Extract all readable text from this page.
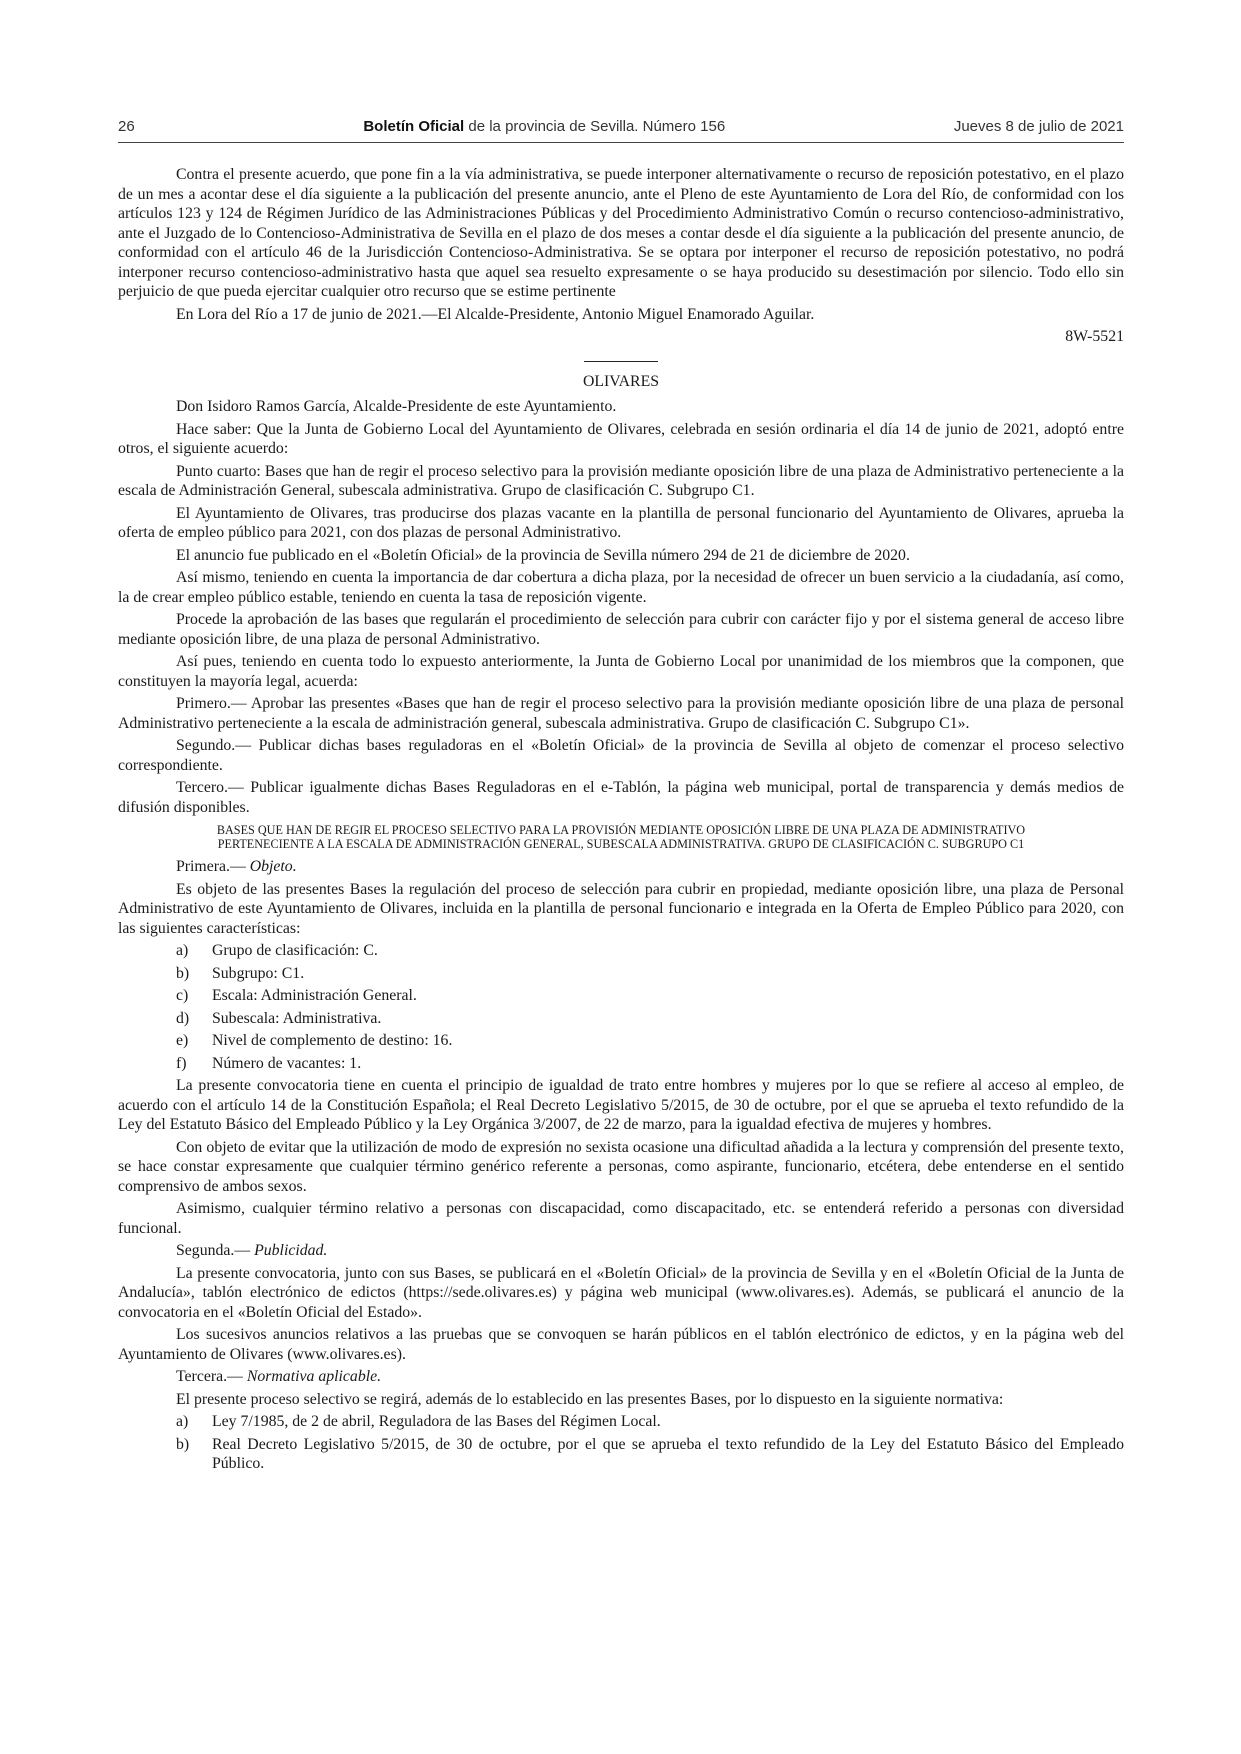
26	Boletín Oficial de la provincia de Sevilla. Número 156	Jueves 8 de julio de 2021

Contra el presente acuerdo, que pone fin a la vía administrativa, se puede interponer alternativamente o recurso de reposición potestativo, en el plazo de un mes a acontar dese el día siguiente a la publicación del presente anuncio, ante el Pleno de este Ayuntamiento de Lora del Río, de conformidad con los artículos 123 y 124 de Régimen Jurídico de las Administraciones Públicas y del Procedimiento Administrativo Común o recurso contencioso-administrativo, ante el Juzgado de lo Contencioso-Administrativa de Sevilla en el plazo de dos meses a contar desde el día siguiente a la publicación del presente anuncio, de conformidad con el artículo 46 de la Jurisdicción Contencioso-Administrativa. Se se optara por interponer el recurso de reposición potestativo, no podrá interponer recurso contencioso-administrativo hasta que aquel sea resuelto expresamente o se haya producido su desestimación por silencio. Todo ello sin perjuicio de que pueda ejercitar cualquier otro recurso que se estime pertinente

En Lora del Río a 17 de junio de 2021.—El Alcalde-Presidente, Antonio Miguel Enamorado Aguilar.

8W-5521

OLIVARES

Don Isidoro Ramos García, Alcalde-Presidente de este Ayuntamiento.

Hace saber: Que la Junta de Gobierno Local del Ayuntamiento de Olivares, celebrada en sesión ordinaria el día 14 de junio de 2021, adoptó entre otros, el siguiente acuerdo:

Punto cuarto: Bases que han de regir el proceso selectivo para la provisión mediante oposición libre de una plaza de Administrativo perteneciente a la escala de Administración General, subescala administrativa. Grupo de clasificación C. Subgrupo C1.

El Ayuntamiento de Olivares, tras producirse dos plazas vacante en la plantilla de personal funcionario del Ayuntamiento de Olivares, aprueba la oferta de empleo público para 2021, con dos plazas de personal Administrativo.

El anuncio fue publicado en el «Boletín Oficial» de la provincia de Sevilla número 294 de 21 de diciembre de 2020.

Así mismo, teniendo en cuenta la importancia de dar cobertura a dicha plaza, por la necesidad de ofrecer un buen servicio a la ciudadanía, así como, la de crear empleo público estable, teniendo en cuenta la tasa de reposición vigente.

Procede la aprobación de las bases que regularán el procedimiento de selección para cubrir con carácter fijo y por el sistema general de acceso libre mediante oposición libre, de una plaza de personal Administrativo.

Así pues, teniendo en cuenta todo lo expuesto anteriormente, la Junta de Gobierno Local por unanimidad de los miembros que la componen, que constituyen la mayoría legal, acuerda:

Primero.— Aprobar las presentes «Bases que han de regir el proceso selectivo para la provisión mediante oposición libre de una plaza de personal Administrativo perteneciente a la escala de administración general, subescala administrativa. Grupo de clasificación C. Subgrupo C1».

Segundo.— Publicar dichas bases reguladoras en el «Boletín Oficial» de la provincia de Sevilla al objeto de comenzar el proceso selectivo correspondiente.

Tercero.— Publicar igualmente dichas Bases Reguladoras en el e-Tablón, la página web municipal, portal de transparencia y demás medios de difusión disponibles.

BASES QUE HAN DE REGIR EL PROCESO SELECTIVO PARA LA PROVISIÓN MEDIANTE OPOSICIÓN LIBRE DE UNA PLAZA DE ADMINISTRATIVO
PERTENECIENTE A LA ESCALA DE ADMINISTRACIÓN GENERAL, SUBESCALA ADMINISTRATIVA. GRUPO DE CLASIFICACIÓN C. SUBGRUPO C1

Primera.— Objeto.

Es objeto de las presentes Bases la regulación del proceso de selección para cubrir en propiedad, mediante oposición libre, una plaza de Personal Administrativo de este Ayuntamiento de Olivares, incluida en la plantilla de personal funcionario e integrada en la Oferta de Empleo Público para 2020, con las siguientes características:

a)	Grupo de clasificación: C.
b)	Subgrupo: C1.
c)	Escala: Administración General.
d)	Subescala: Administrativa.
e)	Nivel de complemento de destino: 16.
f)	Número de vacantes: 1.

La presente convocatoria tiene en cuenta el principio de igualdad de trato entre hombres y mujeres por lo que se refiere al acceso al empleo, de acuerdo con el artículo 14 de la Constitución Española; el Real Decreto Legislativo 5/2015, de 30 de octubre, por el que se aprueba el texto refundido de la Ley del Estatuto Básico del Empleado Público y la Ley Orgánica 3/2007, de 22 de marzo, para la igualdad efectiva de mujeres y hombres.

Con objeto de evitar que la utilización de modo de expresión no sexista ocasione una dificultad añadida a la lectura y comprensión del presente texto, se hace constar expresamente que cualquier término genérico referente a personas, como aspirante, funcionario, etcétera, debe entenderse en el sentido comprensivo de ambos sexos.

Asimismo, cualquier término relativo a personas con discapacidad, como discapacitado, etc. se entenderá referido a personas con diversidad funcional.

Segunda.— Publicidad.

La presente convocatoria, junto con sus Bases, se publicará en el «Boletín Oficial» de la provincia de Sevilla y en el «Boletín Oficial de la Junta de Andalucía», tablón electrónico de edictos (https://sede.olivares.es) y página web municipal (www.olivares.es). Además, se publicará el anuncio de la convocatoria en el «Boletín Oficial del Estado».

Los sucesivos anuncios relativos a las pruebas que se convoquen se harán públicos en el tablón electrónico de edictos, y en la página web del Ayuntamiento de Olivares (www.olivares.es).

Tercera.— Normativa aplicable.

El presente proceso selectivo se regirá, además de lo establecido en las presentes Bases, por lo dispuesto en la siguiente normativa:

a)	Ley 7/1985, de 2 de abril, Reguladora de las Bases del Régimen Local.
b)	Real Decreto Legislativo 5/2015, de 30 de octubre, por el que se aprueba el texto refundido de la Ley del Estatuto Básico del Empleado Público.
